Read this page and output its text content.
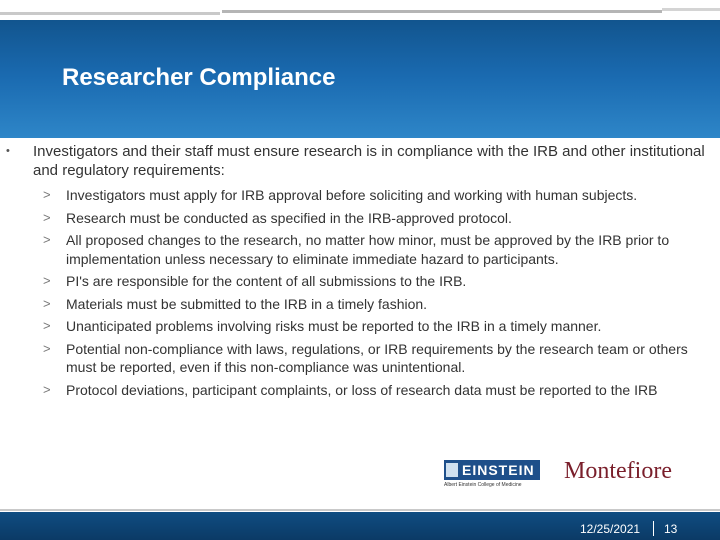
Researcher Compliance
• Investigators and their staff must ensure research is in compliance with the IRB and other institutional and regulatory requirements:
> Investigators must apply for IRB approval before soliciting and working with human subjects.
> Research must be conducted as specified in the IRB-approved protocol.
> All proposed changes to the research, no matter how minor, must be approved by the IRB prior to implementation unless necessary to eliminate immediate hazard to participants.
> PI's are responsible for the content of all submissions to the IRB.
> Materials must be submitted to the IRB in a timely fashion.
> Unanticipated problems involving risks must be reported to the IRB in a timely manner.
> Potential non-compliance with laws, regulations, or IRB requirements by the research team or others must be reported, even if this non-compliance was unintentional.
> Protocol deviations, participant complaints, or loss of research data must be reported to the IRB
EINSTEIN
Albert Einstein College of Medicine
Montefiore
12/25/2021 13
